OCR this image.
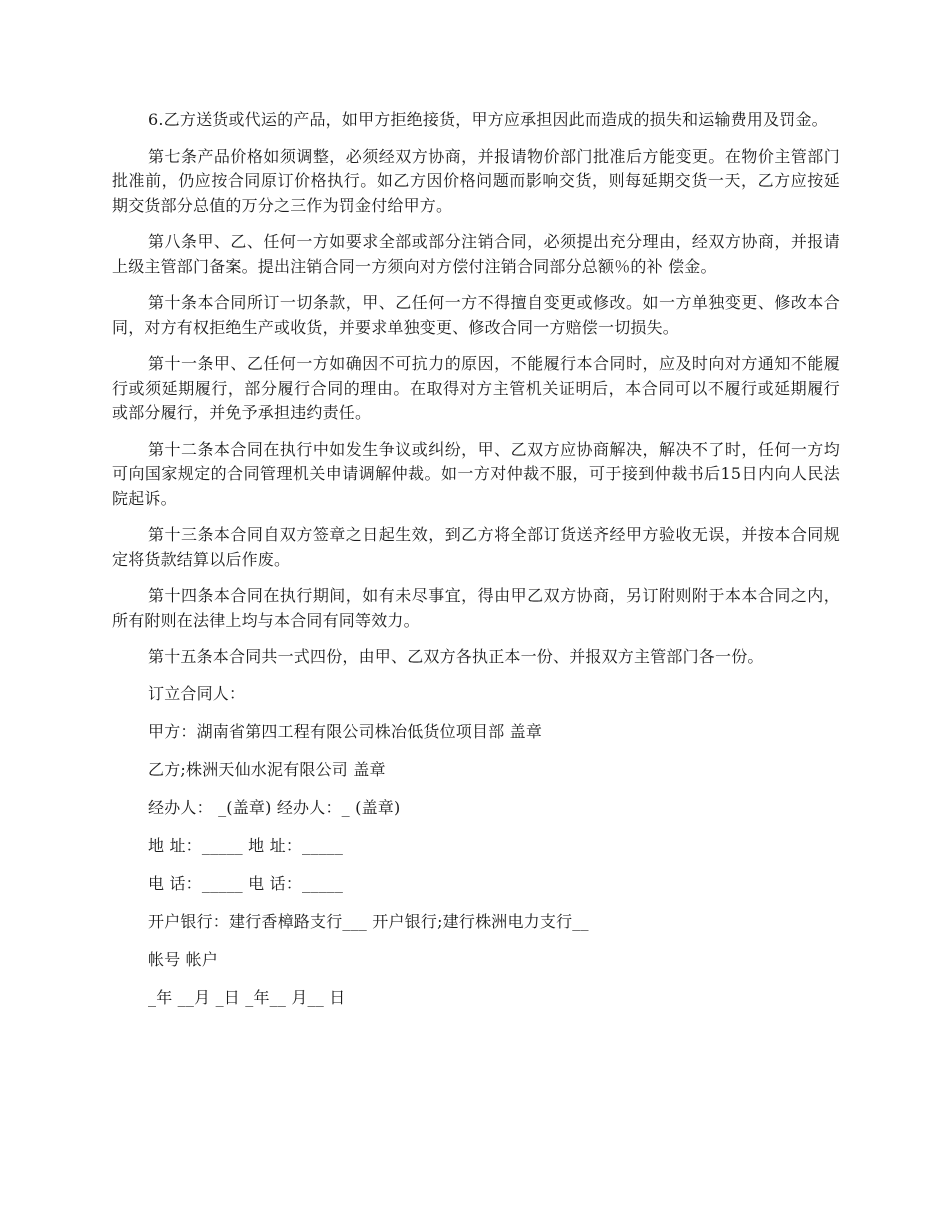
6.乙方送货或代运的产品，如甲方拒绝接货，甲方应承担因此而造成的损失和运输费用及罚金。

第七条产品价格如须调整，必须经双方协商，并报请物价部门批准后方能变更。在物价主管部门批准前，仍应按合同原订价格执行。如乙方因价格问题而影响交货，则每延期交货一天，乙方应按延期交货部分总值的万分之三作为罚金付给甲方。

第八条甲、乙、任何一方如要求全部或部分注销合同，必须提出充分理由，经双方协商，并报请上级主管部门备案。提出注销合同一方须向对方偿付注销合同部分总额％的补 偿金。

第十条本合同所订一切条款，甲、乙任何一方不得擅自变更或修改。如一方单独变更、修改本合同，对方有权拒绝生产或收货，并要求单独变更、修改合同一方赔偿一切损失。

第十一条甲、乙任何一方如确因不可抗力的原因，不能履行本合同时，应及时向对方通知不能履行或须延期履行，部分履行合同的理由。在取得对方主管机关证明后，本合同可以不履行或延期履行或部分履行，并免予承担违约责任。

第十二条本合同在执行中如发生争议或纠纷，甲、乙双方应协商解决，解决不了时，任何一方均可向国家规定的合同管理机关申请调解仲裁。如一方对仲裁不服，可于接到仲裁书后15日内向人民法院起诉。

第十三条本合同自双方签章之日起生效，到乙方将全部订货送齐经甲方验收无误，并按本合同规定将货款结算以后作废。

第十四条本合同在执行期间，如有未尽事宜，得由甲乙双方协商，另订附则附于本本合同之内，所有附则在法律上均与本合同有同等效力。

第十五条本合同共一式四份，由甲、乙双方各执正本一份、并报双方主管部门各一份。

订立合同人：

甲方：湖南省第四工程有限公司株冶低货位项目部 盖章

乙方;株洲天仙水泥有限公司 盖章

经办人： _(盖章) 经办人：_ (盖章)

地 址：_____ 地 址：_____

电 话：_____ 电 话：_____

开户银行：建行香樟路支行___ 开户银行;建行株洲电力支行__

帐号 帐户

_年 __月 _日 _年__ 月__ 日
